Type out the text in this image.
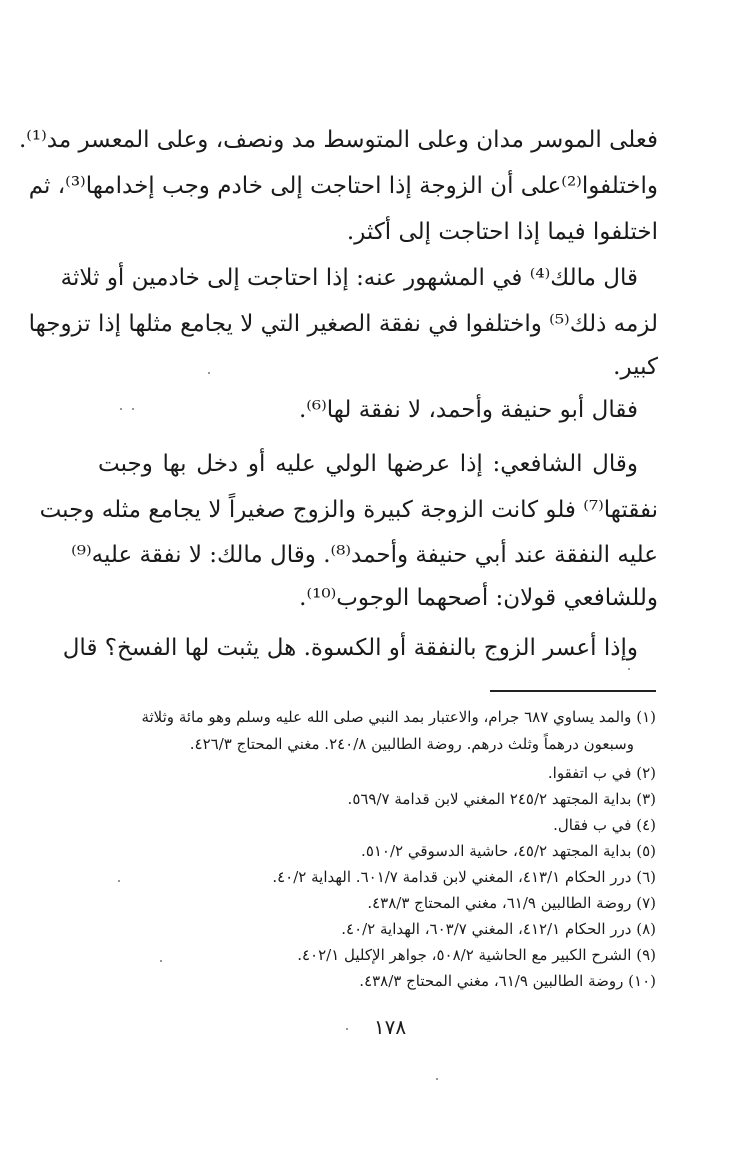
فعلى الموسر مدان وعلى المتوسط مد ونصف، وعلى المعسر مد⁽¹⁾.
واختلفوا⁽²⁾على أن الزوجة إذا احتاجت إلى خادم وجب إخدامها⁽³⁾، ثم
اختلفوا فيما إذا احتاجت إلى أكثر.
قال مالك⁽⁴⁾ في المشهور عنه: إذا احتاجت إلى خادمين أو ثلاثة
لزمه ذلك⁽⁵⁾ واختلفوا في نفقة الصغير التي لا يجامع مثلها إذا تزوجها
كبير.
فقال أبو حنيفة وأحمد، لا نفقة لها⁽⁶⁾.
وقال الشافعي: إذا عرضها الولي عليه أو دخل بها وجبت
نفقتها⁽⁷⁾ فلو كانت الزوجة كبيرة والزوج صغيراً لا يجامع مثله وجبت
عليه النفقة عند أبي حنيفة وأحمد⁽⁸⁾. وقال مالك: لا نفقة عليه⁽⁹⁾
وللشافعي قولان: أصحهما الوجوب⁽¹⁰⁾.
وإذا أعسر الزوج بالنفقة أو الكسوة. هل يثبت لها الفسخ؟ قال
(١) والمد يساوي ٦٨٧ جرام، والاعتبار بمد النبي صلى الله عليه وسلم وهو مائة وثلاثة
وسبعون درهماً وثلث درهم. روضة الطالبين ٢٤٠/٨. مغني المحتاج ٤٢٦/٣.
(٢) في ب اتفقوا.
(٣) بداية المجتهد ٢٤٥/٢ المغني لابن قدامة ٥٦٩/٧.
(٤) في ب فقال.
(٥) بداية المجتهد ٤٥/٢، حاشية الدسوقي ٥١٠/٢.
(٦) درر الحكام ٤١٣/١، المغني لابن قدامة ٦٠١/٧. الهداية ٤٠/٢.
(٧) روضة الطالبين ٦١/٩، مغني المحتاج ٤٣٨/٣.
(٨) درر الحكام ٤١٢/١، المغني ٦٠٣/٧، الهداية ٤٠/٢.
(٩) الشرح الكبير مع الحاشية ٥٠٨/٢، جواهر الإكليل ٤٠٢/١.
(١٠) روضة الطالبين ٦١/٩، مغني المحتاج ٤٣٨/٣.
١٧٨
